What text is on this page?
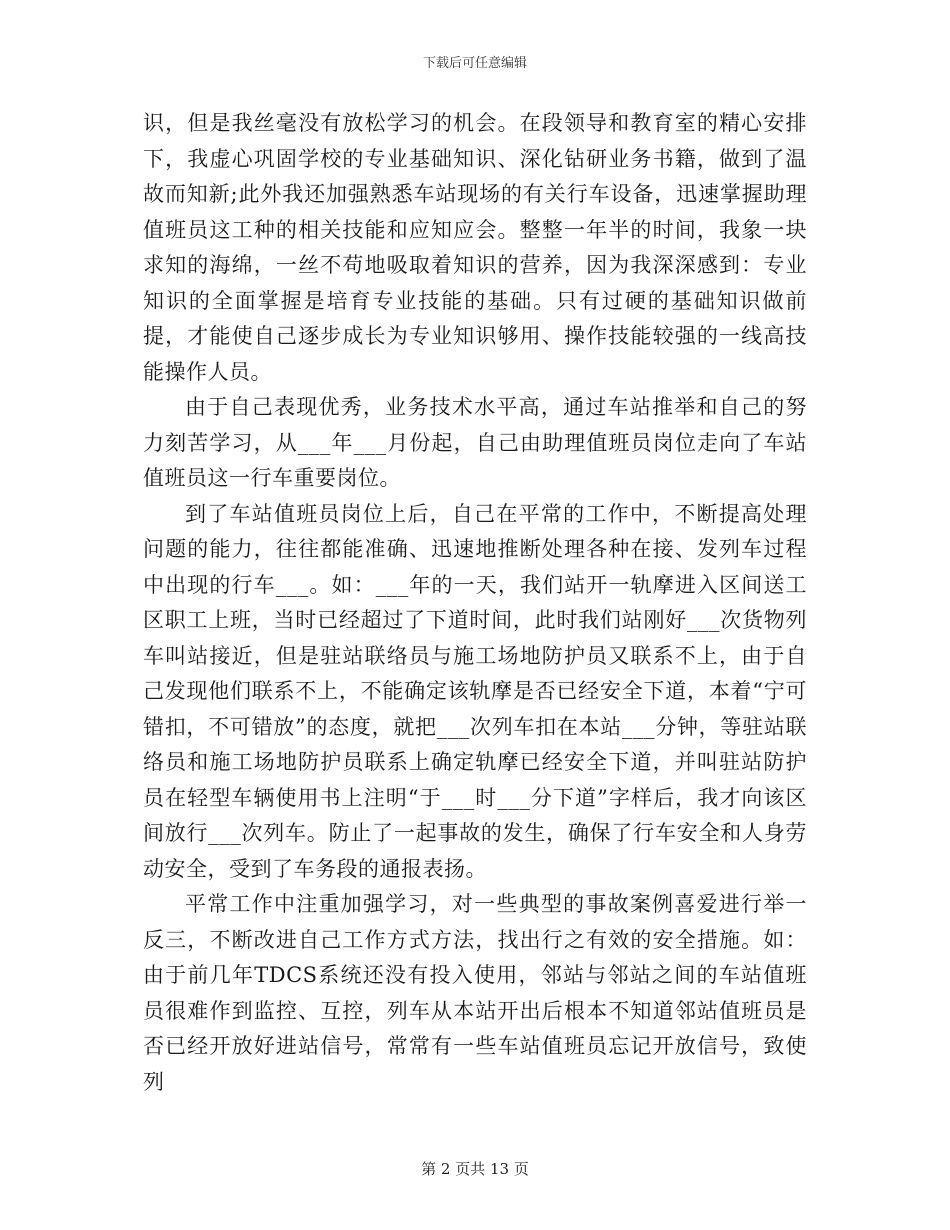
下载后可任意编辑

识，但是我丝毫没有放松学习的机会。在段领导和教育室的精心安排下，我虚心巩固学校的专业基础知识、深化钻研业务书籍，做到了温故而知新;此外我还加强熟悉车站现场的有关行车设备，迅速掌握助理值班员这工种的相关技能和应知应会。整整一年半的时间，我象一块求知的海绵，一丝不苟地吸取着知识的营养，因为我深深感到：专业知识的全面掌握是培育专业技能的基础。只有过硬的基础知识做前提，才能使自己逐步成长为专业知识够用、操作技能较强的一线高技能操作人员。

由于自己表现优秀，业务技术水平高，通过车站推举和自己的努力刻苦学习，从___年___月份起，自己由助理值班员岗位走向了车站值班员这一行车重要岗位。

到了车站值班员岗位上后，自己在平常的工作中，不断提高处理问题的能力，往往都能准确、迅速地推断处理各种在接、发列车过程中出现的行车___。如：___年的一天，我们站开一轨摩进入区间送工区职工上班，当时已经超过了下道时间，此时我们站刚好___次货物列车叫站接近，但是驻站联络员与施工场地防护员又联系不上，由于自己发现他们联系不上，不能确定该轨摩是否已经安全下道，本着“宁可错扣，不可错放”的态度，就把___次列车扣在本站___分钟，等驻站联络员和施工场地防护员联系上确定轨摩已经安全下道，并叫驻站防护员在轻型车辆使用书上注明“于___时___分下道”字样后，我才向该区间放行___次列车。防止了一起事故的发生，确保了行车安全和人身劳动安全，受到了车务段的通报表扬。

平常工作中注重加强学习，对一些典型的事故案例喜爱进行举一反三，不断改进自己工作方式方法，找出行之有效的安全措施。如：由于前几年TDCS系统还没有投入使用，邻站与邻站之间的车站值班员很难作到监控、互控，列车从本站开出后根本不知道邻站值班员是否已经开放好进站信号，常常有一些车站值班员忘记开放信号，致使列

第 2 页共 13 页
